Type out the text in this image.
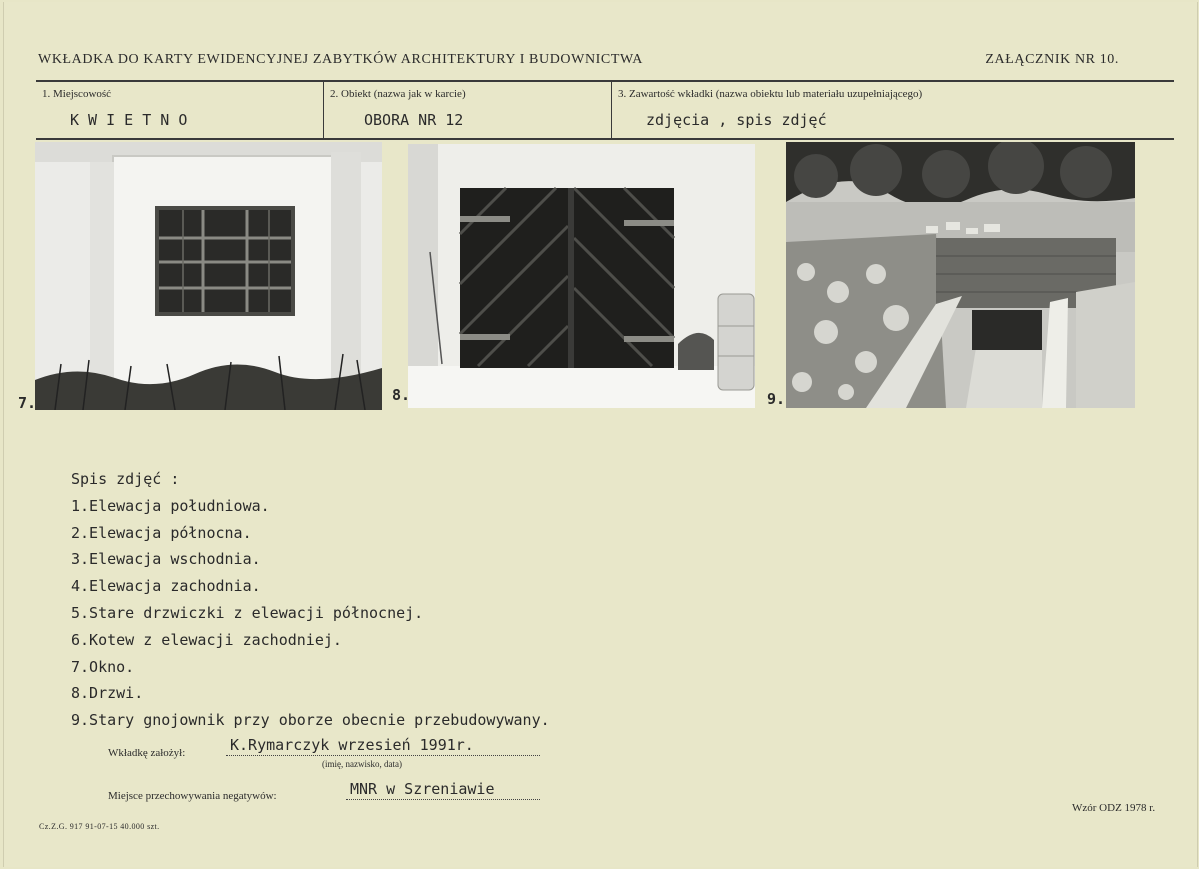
WKŁADKA DO KARTY EWIDENCYJNEJ ZABYTKÓW ARCHITEKTURY I BUDOWNICTWA	ZAŁĄCZNIK NR 10.
1. Miejscowość
K W I E T N O
2. Obiekt (nazwa jak w karcie)
OBORA NR 12
3. Zawartość wkładki (nazwa obiektu lub materiału uzupełniającego)
zdjęcia , spis zdjęć
7.	8.	9.
Spis zdjęć :
1.Elewacja południowa.
2.Elewacja północna.
3.Elewacja wschodnia.
4.Elewacja zachodnia.
5.Stare drzwiczki z elewacji północnej.
6.Kotew z elewacji zachodniej.
7.Okno.
8.Drzwi.
9.Stary gnojownik przy oborze obecnie przebudowywany.
Wkładkę założył:	K.Rymarczyk wrzesień 1991r.
(imię, nazwisko, data)
Miejsce przechowywania negatywów:	MNR w Szreniawie
Cz.Z.G. 917 91-07-15 40.000 szt.
Wzór ODZ 1978 r.
